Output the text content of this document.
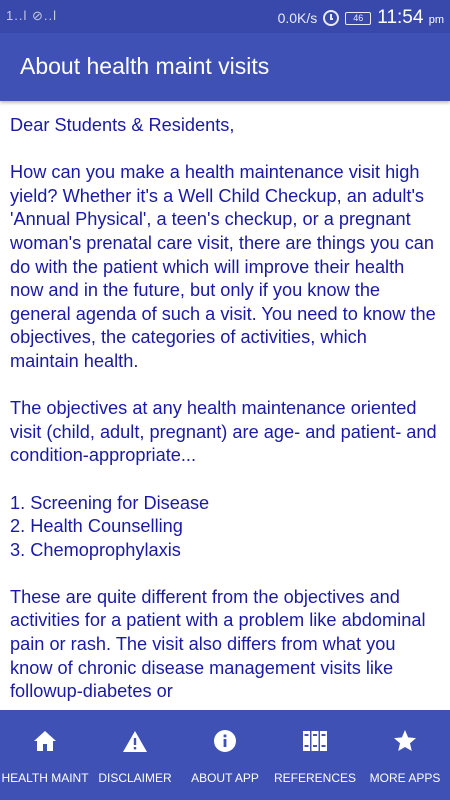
1..l ⊘..l	0.0K/s	46 11:54 pm
About health maint visits

Dear Students & Residents,

How can you make a health maintenance visit high yield? Whether it's a Well Child Checkup, an adult's 'Annual Physical', a teen's checkup, or a pregnant woman's prenatal care visit, there are things you can do with the patient which will improve their health now and in the future, but only if you know the general agenda of such a visit. You need to know the objectives, the categories of activities, which maintain health.

The objectives at any health maintenance oriented visit (child, adult, pregnant) are age- and patient- and condition-appropriate...

1. Screening for Disease
2. Health Counselling
3. Chemoprophylaxis

These are quite different from the objectives and activities for a patient with a problem like abdominal pain or rash. The visit also differs from what you know of chronic disease management visits like followup-diabetes or

HEALTH MAINT DISCLAIMER ABOUT APP REFERENCES MORE APPS
